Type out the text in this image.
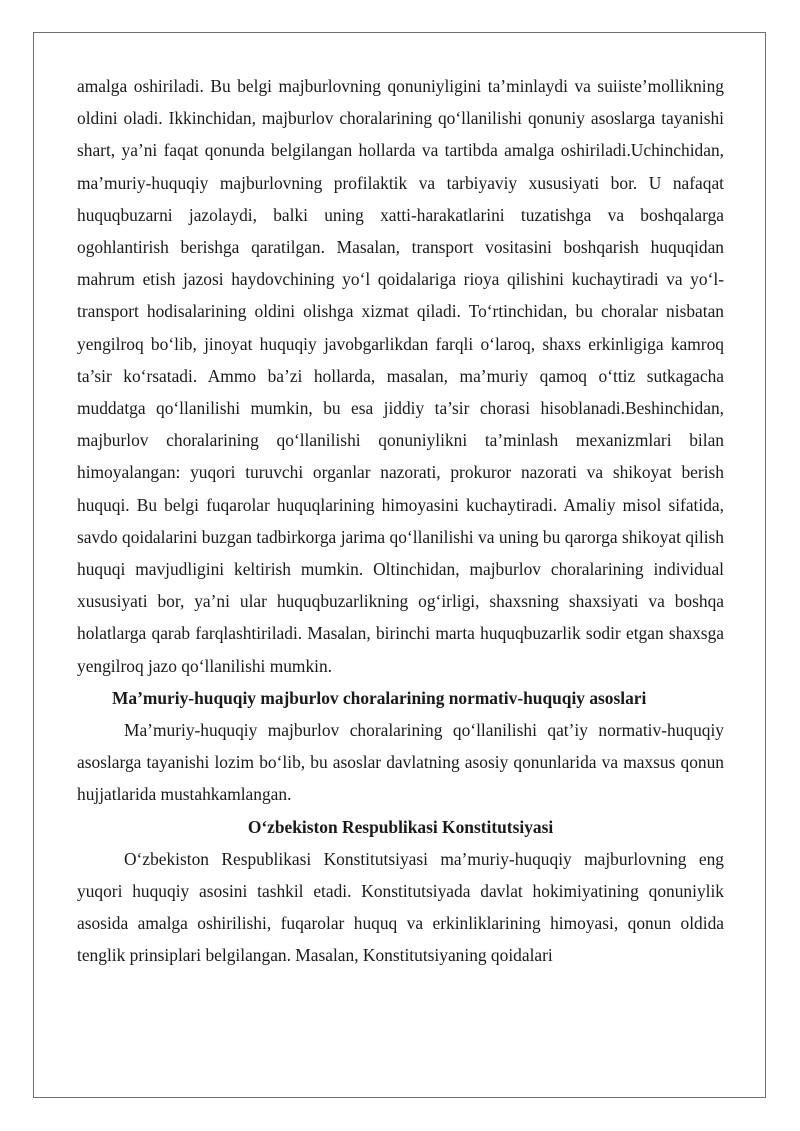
amalga oshiriladi. Bu belgi majburlovning qonuniyligini ta’minlaydi va suiiste’mollikning oldini oladi. Ikkinchidan, majburlov choralarining qo‘llanilishi qonuniy asoslarga tayanishi shart, ya’ni faqat qonunda belgilangan hollarda va tartibda amalga oshiriladi.Uchinchidan, ma’muriy-huquqiy majburlovning profilaktik va tarbiyaviy xususiyati bor. U nafaqat huquqbuzarni jazolaydi, balki uning xatti-harakatlarini tuzatishga va boshqalarga ogohlantirish berishga qaratilgan. Masalan, transport vositasini boshqarish huquqidan mahrum etish jazosi haydovchining yo‘l qoidalariga rioya qilishini kuchaytiradi va yo‘l-transport hodisalarining oldini olishga xizmat qiladi. To‘rtinchidan, bu choralar nisbatan yengilroq bo‘lib, jinoyat huquqiy javobgarlikdan farqli o‘laroq, shaxs erkinligiga kamroq ta’sir ko‘rsatadi. Ammo ba’zi hollarda, masalan, ma’muriy qamoq o‘ttiz sutkagacha muddatga qo‘llanilishi mumkin, bu esa jiddiy ta’sir chorasi hisoblanadi.Beshinchidan, majburlov choralarining qo‘llanilishi qonuniylikni ta’minlash mexanizmlari bilan himoyalangan: yuqori turuvchi organlar nazorati, prokuror nazorati va shikoyat berish huquqi. Bu belgi fuqarolar huquqlarining himoyasini kuchaytiradi. Amaliy misol sifatida, savdo qoidalarini buzgan tadbirkorga jarima qo‘llanilishi va uning bu qarorga shikoyat qilish huquqi mavjudligini keltirish mumkin. Oltinchidan, majburlov choralarining individual xususiyati bor, ya’ni ular huquqbuzarlikning og‘irligi, shaxsning shaxsiyati va boshqa holatlarga qarab farqlashtiriladi. Masalan, birinchi marta huquqbuzarlik sodir etgan shaxsga yengilroq jazo qo‘llanilishi mumkin.

Ma’muriy-huquqiy majburlov choralarining normativ-huquqiy asoslari

Ma’muriy-huquqiy majburlov choralarining qo‘llanilishi qat’iy normativ-huquqiy asoslarga tayanishi lozim bo‘lib, bu asoslar davlatning asosiy qonunlarida va maxsus qonun hujjatlarida mustahkamlangan.

O‘zbekiston Respublikasi Konstitutsiyasi

O‘zbekiston Respublikasi Konstitutsiyasi ma’muriy-huquqiy majburlovning eng yuqori huquqiy asosini tashkil etadi. Konstitutsiyada davlat hokimiyatining qonuniylik asosida amalga oshirilishi, fuqarolar huquq va erkinliklarining himoyasi, qonun oldida tenglik prinsiplari belgilangan. Masalan, Konstitutsiyaning qoidalari
